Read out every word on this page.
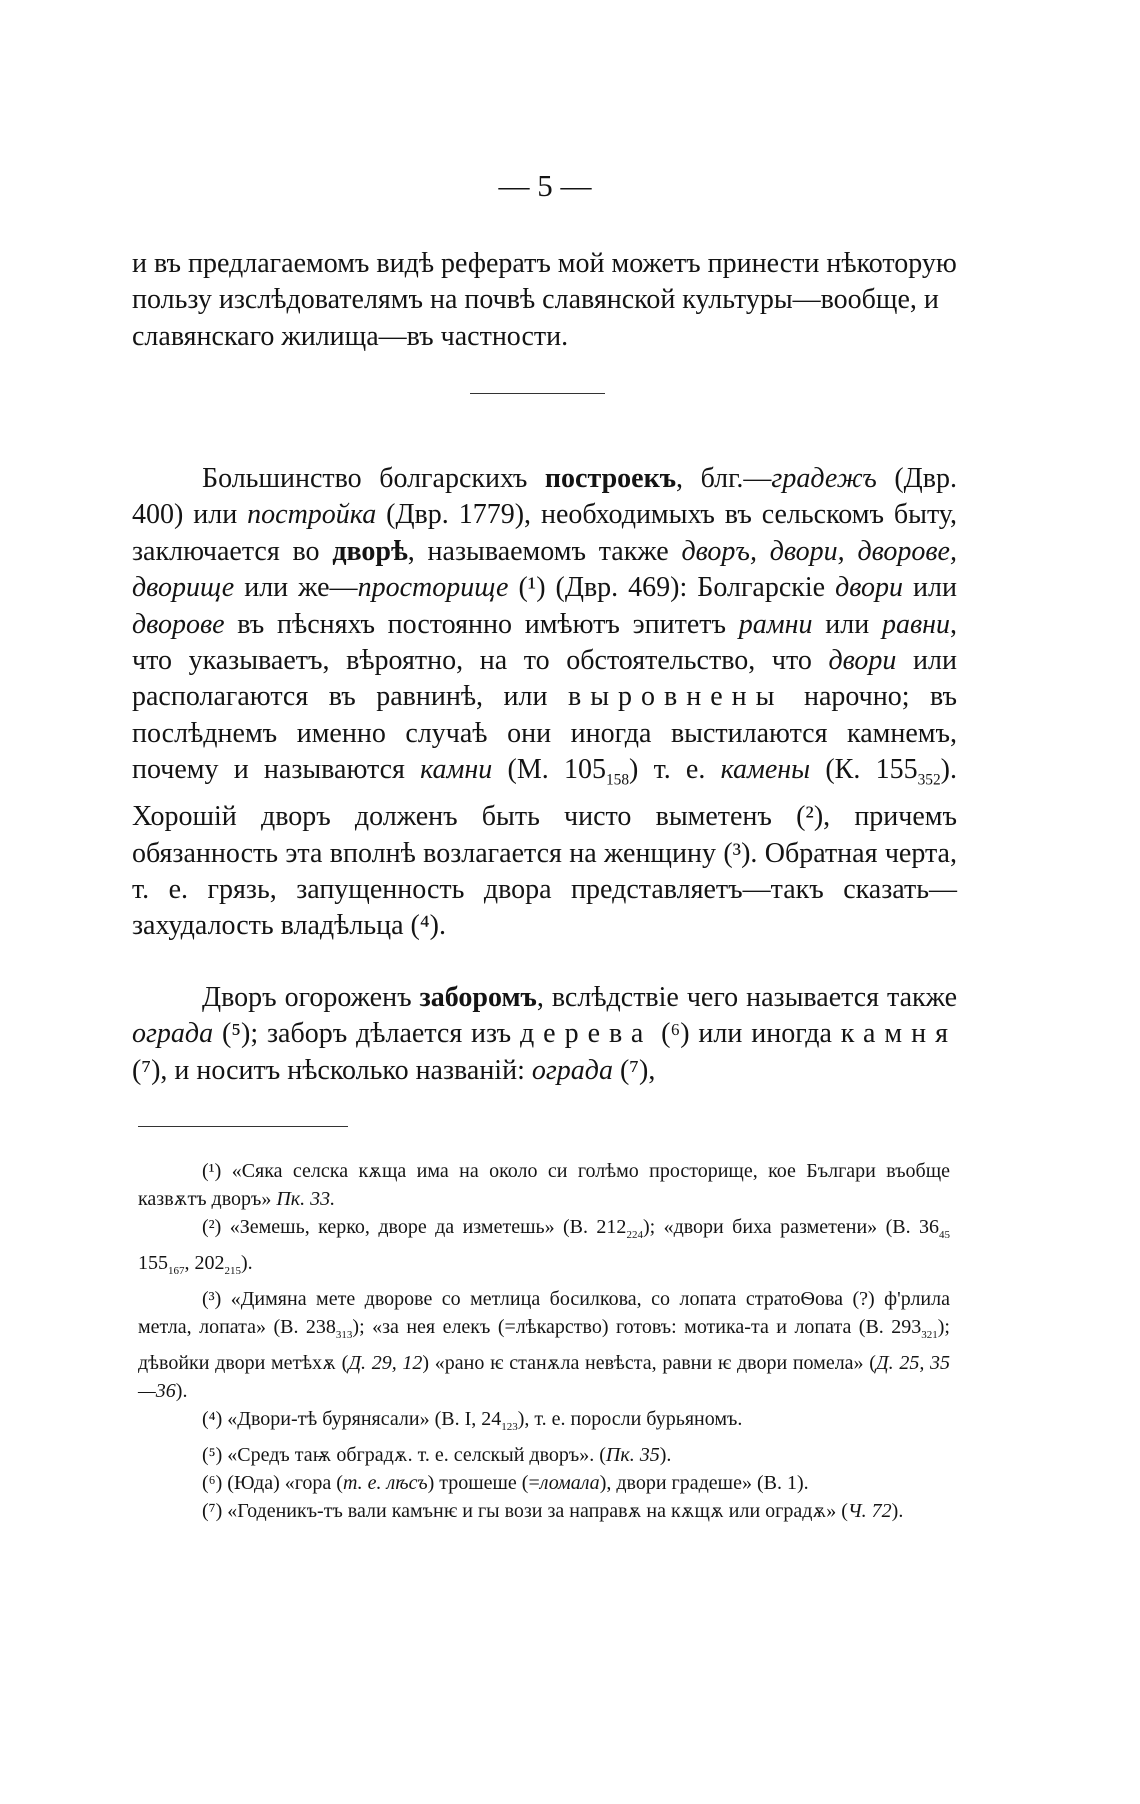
— 5 —

и въ предлагаемомъ видѣ рефератъ мой можетъ принести нѣкоторую пользу изслѣдователямъ на почвѣ славянской культуры—вообще, и славянскаго жилища—въ частности.

Большинство болгарскихъ построекъ, блг.—градежъ (Двр. 400) или постройка (Двр. 1779), необходимыхъ въ сельскомъ быту, заключается во дворѣ, называемомъ также дворъ, двори, дворове, дворище или же—просторище (¹) (Двр. 469): Болгарскіе двори или дворове въ пѣсняхъ постоянно имѣютъ эпитетъ рамни или равни, что указываетъ, вѣроятно, на то обстоятельство, что двори или располагаются въ равнинѣ, или выровнены нарочно; въ послѣднемъ именно случаѣ они иногда выстилаются камнемъ, почему и называются камни (М. $105_{158}$) т. е. камены (К. $155_{352}$). Хорошій дворъ долженъ быть чисто выметенъ (²), причемъ обязанность эта вполнѣ возлагается на женщину (³). Обратная черта, т. е. грязь, запущенность двора представляетъ—такъ сказать—захудалость владѣльца (⁴).

Дворъ огороженъ заборомъ, вслѣдствіе чего называется также оградa (⁵); заборъ дѣлается изъ дерева (⁶) или иногда камня (⁷), и носитъ нѣсколько названій: ограда (⁷),

(¹) «Сяка селска кѫща има на около си голѣмо просторище, кое Българи въобще казвѫтъ дворъ» Пк. 33.

(²) «Земешь, керко, дворе да изметешь» (В. $212_{224}$); «двори биха разметени» (В. $36_{45}$ $155_{167}$, $202_{215}$).

(³) «Димяна мете дворове со метлица босилкова, со лопата стратоѲова (?) ф'рлила метла, лопата» (В. $238_{313}$); «за нея елекъ (=лѣкарство) готовъ: мотика-та и лопата (В. $293_{321}$); дѣвойки двори метѣхѫ (Д. 29, 12) «рано ѥ станѫла невѣста, равни ѥ двори помела» (Д. 25, 35—36).

(⁴) «Двори-тѣ бурянясали» (В. I, $24_{123}$), т. е. поросли бурьяномъ.

(⁵) «Средъ таѭ обградѫ. т. е. селскый дворъ». (Пк. 35).

(⁶) (Юда) «гора (т. е. лѣсъ) трошеше (=ломала), двори градеше» (В. 1).

(⁷) «Годеникъ-тъ вали камънѥ и гы вози за направѫ на кѫщѫ или оградѫ» (Ч. 72).
